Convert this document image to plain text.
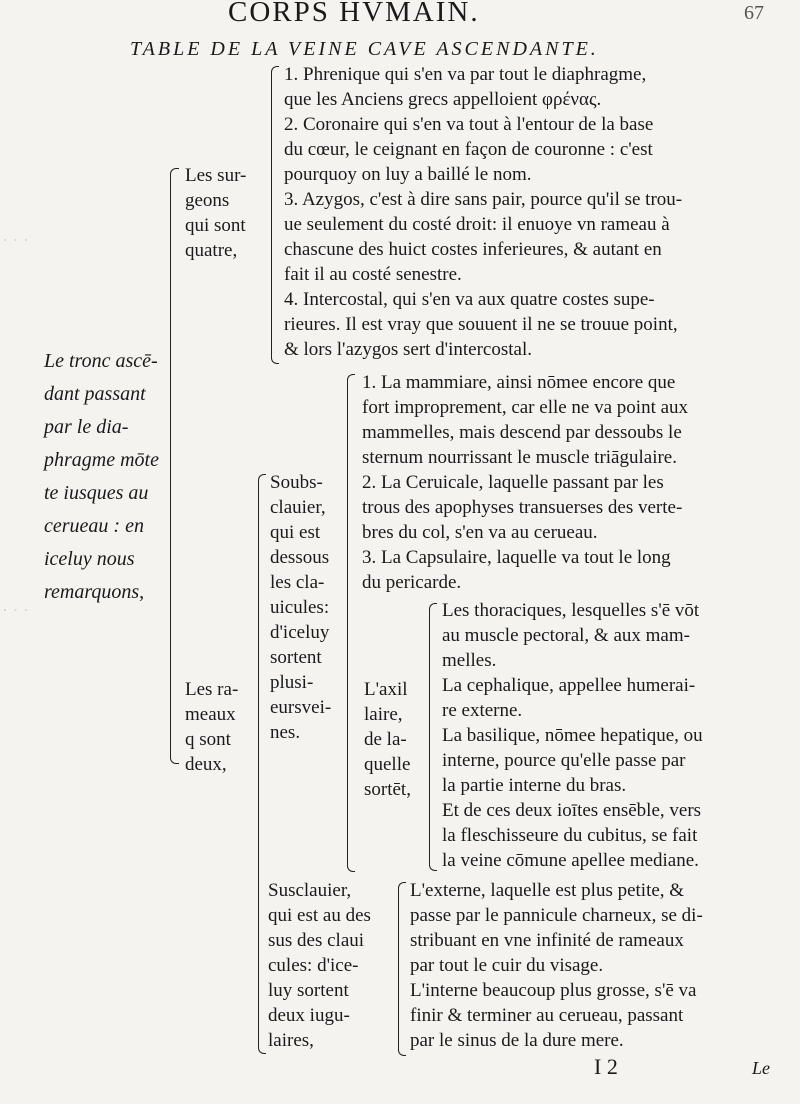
· · ·
· · ·
CORPS HVMAIN.	67
TABLE DE LA VEINE CAVE ASCENDANTE.
Le tronc ascē-
dant passant
par le dia-
phragme mōte
te iusques au
cerueau : en
iceluy nous
remarquons,
Les sur-
geons
qui sont
quatre,
1. Phrenique qui s'en va par tout le diaphragme,
que les Anciens grecs appelloient φρένας.
2. Coronaire qui s'en va tout à l'entour de la base
du cœur, le ceignant en façon de couronne : c'est
pourquoy on luy a baillé le nom.
3. Azygos, c'est à dire sans pair, pource qu'il se trou-
ue seulement du costé droit: il enuoye vn rameau à
chascune des huict costes inferieures, & autant en
fait il au costé senestre.
4. Intercostal, qui s'en va aux quatre costes supe-
rieures. Il est vray que souuent il ne se trouue point,
& lors l'azygos sert d'intercostal.
Les ra-
meaux
q sont
deux,
Soubs-
clauier,
qui est
dessous
les cla-
uicules:
d'iceluy
sortent
plusi-
eursvei-
nes.
1. La mammiare, ainsi nōmee encore que
fort improprement, car elle ne va point aux
mammelles, mais descend par dessoubs le
sternum nourrissant le muscle triāgulaire.
2. La Ceruicale, laquelle passant par les
trous des apophyses transuerses des verte-
bres du col, s'en va au cerueau.
3. La Capsulaire, laquelle va tout le long
du pericarde.
L'axil
laire,
de la-
quelle
sortēt,
Les thoraciques, lesquelles s'ē vōt
au muscle pectoral, & aux mam-
melles.
La cephalique, appellee humerai-
re externe.
La basilique, nōmee hepatique, ou
interne, pource qu'elle passe par
la partie interne du bras.
Et de ces deux ioītes ensēble, vers
la fleschisseure du cubitus, se fait
la veine cōmune apellee mediane.
Susclauier,
qui est au des
sus des claui
cules: d'ice-
luy sortent
deux iugu-
laires,
L'externe, laquelle est plus petite, &
passe par le pannicule charneux, se di-
stribuant en vne infinité de rameaux
par tout le cuir du visage.
L'interne beaucoup plus grosse, s'ē va
finir & terminer au cerueau, passant
par le sinus de la dure mere.
I 2	Le
